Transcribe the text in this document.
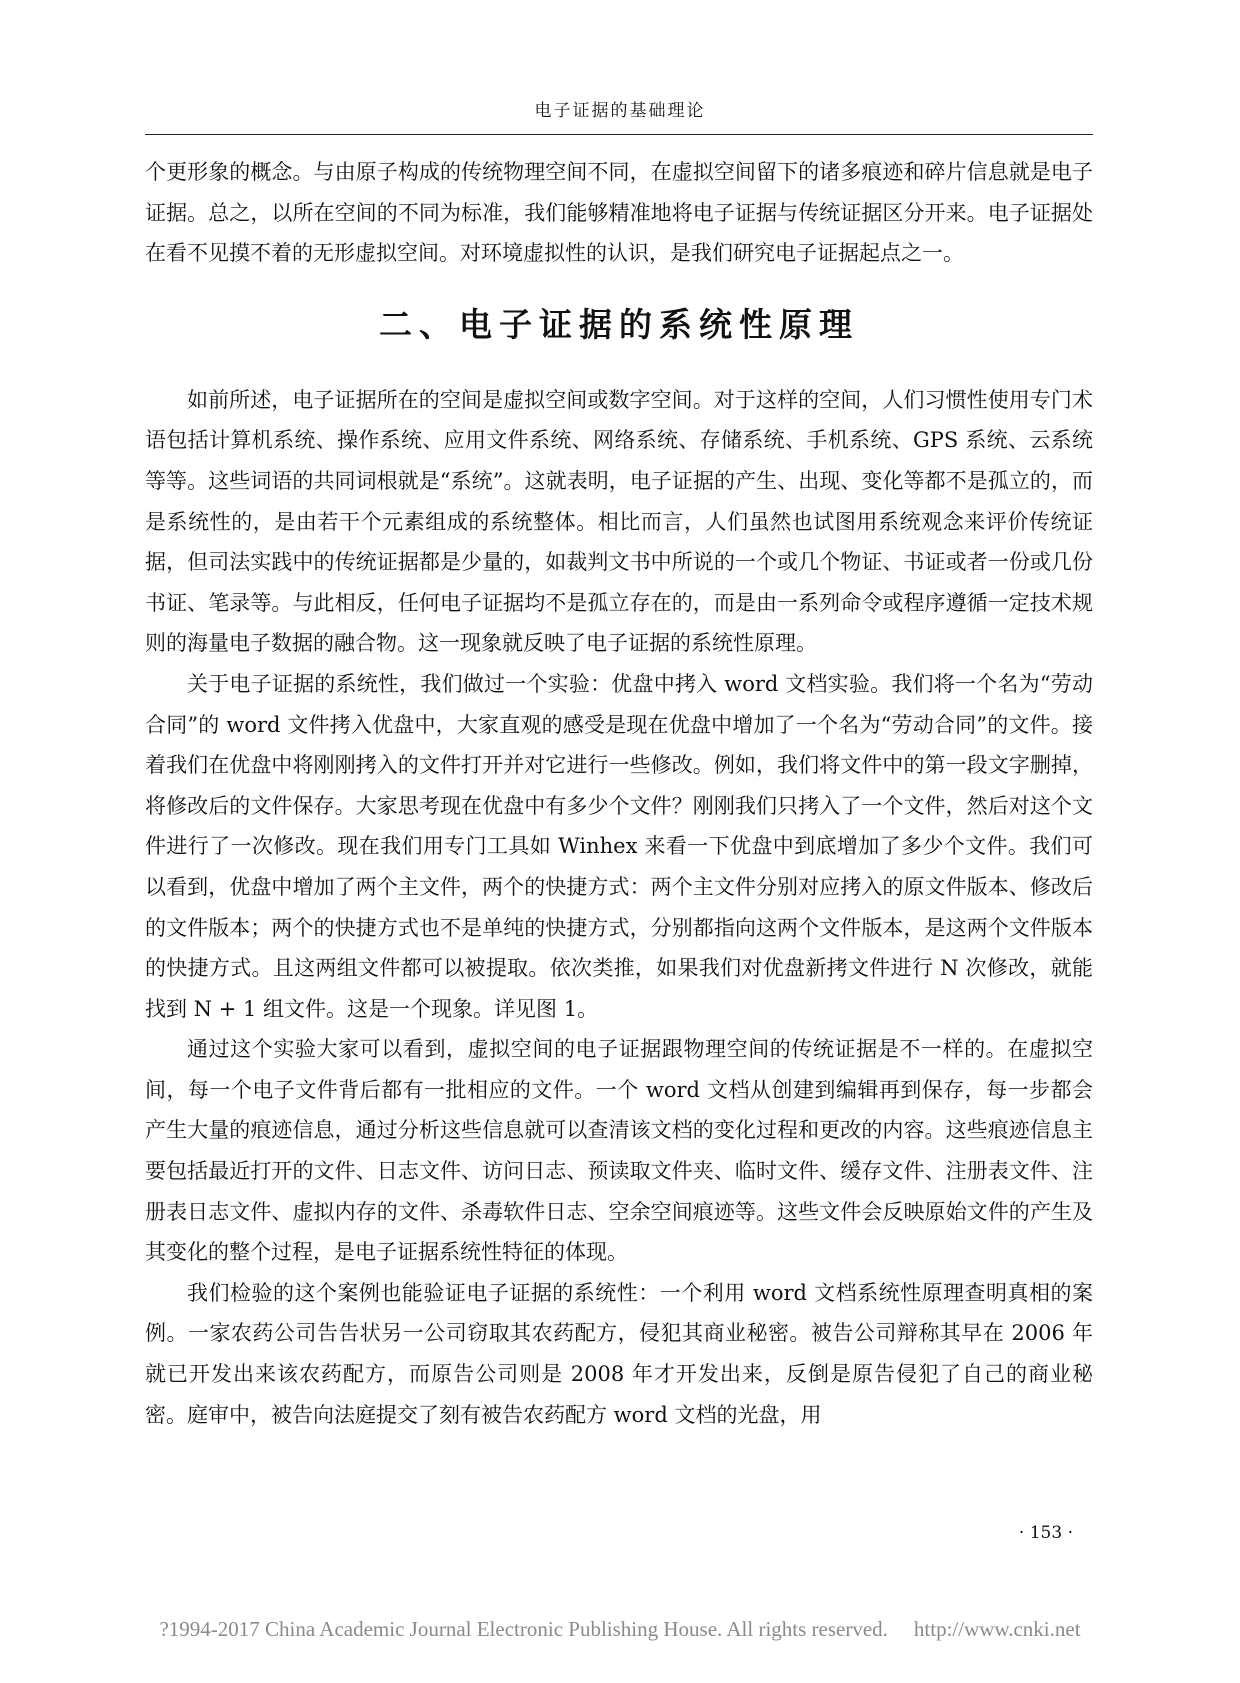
电子证据的基础理论

个更形象的概念。与由原子构成的传统物理空间不同，在虚拟空间留下的诸多痕迹和碎片信息就是电子证据。总之，以所在空间的不同为标准，我们能够精准地将电子证据与传统证据区分开来。电子证据处在看不见摸不着的无形虚拟空间。对环境虚拟性的认识，是我们研究电子证据起点之一。

二、电子证据的系统性原理

如前所述，电子证据所在的空间是虚拟空间或数字空间。对于这样的空间，人们习惯性使用专门术语包括计算机系统、操作系统、应用文件系统、网络系统、存储系统、手机系统、GPS 系统、云系统等等。这些词语的共同词根就是“系统”。这就表明，电子证据的产生、出现、变化等都不是孤立的，而是系统性的，是由若干个元素组成的系统整体。相比而言，人们虽然也试图用系统观念来评价传统证据，但司法实践中的传统证据都是少量的，如裁判文书中所说的一个或几个物证、书证或者一份或几份书证、笔录等。与此相反，任何电子证据均不是孤立存在的，而是由一系列命令或程序遵循一定技术规则的海量电子数据的融合物。这一现象就反映了电子证据的系统性原理。

关于电子证据的系统性，我们做过一个实验：优盘中拷入 word 文档实验。我们将一个名为“劳动合同”的 word 文件拷入优盘中，大家直观的感受是现在优盘中增加了一个名为“劳动合同”的文件。接着我们在优盘中将刚刚拷入的文件打开并对它进行一些修改。例如，我们将文件中的第一段文字删掉，将修改后的文件保存。大家思考现在优盘中有多少个文件？刚刚我们只拷入了一个文件，然后对这个文件进行了一次修改。现在我们用专门工具如 Winhex 来看一下优盘中到底增加了多少个文件。我们可以看到，优盘中增加了两个主文件，两个的快捷方式：两个主文件分别对应拷入的原文件版本、修改后的文件版本；两个的快捷方式也不是单纯的快捷方式，分别都指向这两个文件版本，是这两个文件版本的快捷方式。且这两组文件都可以被提取。依次类推，如果我们对优盘新拷文件进行 N 次修改，就能找到 N + 1 组文件。这是一个现象。详见图 1。

通过这个实验大家可以看到，虚拟空间的电子证据跟物理空间的传统证据是不一样的。在虚拟空间，每一个电子文件背后都有一批相应的文件。一个 word 文档从创建到编辑再到保存，每一步都会产生大量的痕迹信息，通过分析这些信息就可以查清该文档的变化过程和更改的内容。这些痕迹信息主要包括最近打开的文件、日志文件、访问日志、预读取文件夹、临时文件、缓存文件、注册表文件、注册表日志文件、虚拟内存的文件、杀毒软件日志、空余空间痕迹等。这些文件会反映原始文件的产生及其变化的整个过程，是电子证据系统性特征的体现。

我们检验的这个案例也能验证电子证据的系统性：一个利用 word 文档系统性原理查明真相的案例。一家农药公司告告状另一公司窃取其农药配方，侵犯其商业秘密。被告公司辩称其早在 2006 年就已开发出来该农药配方，而原告公司则是 2008 年才开发出来，反倒是原告侵犯了自己的商业秘密。庭审中，被告向法庭提交了刻有被告农药配方 word 文档的光盘，用

· 153 ·
?1994-2017 China Academic Journal Electronic Publishing House. All rights reserved. http://www.cnki.net
